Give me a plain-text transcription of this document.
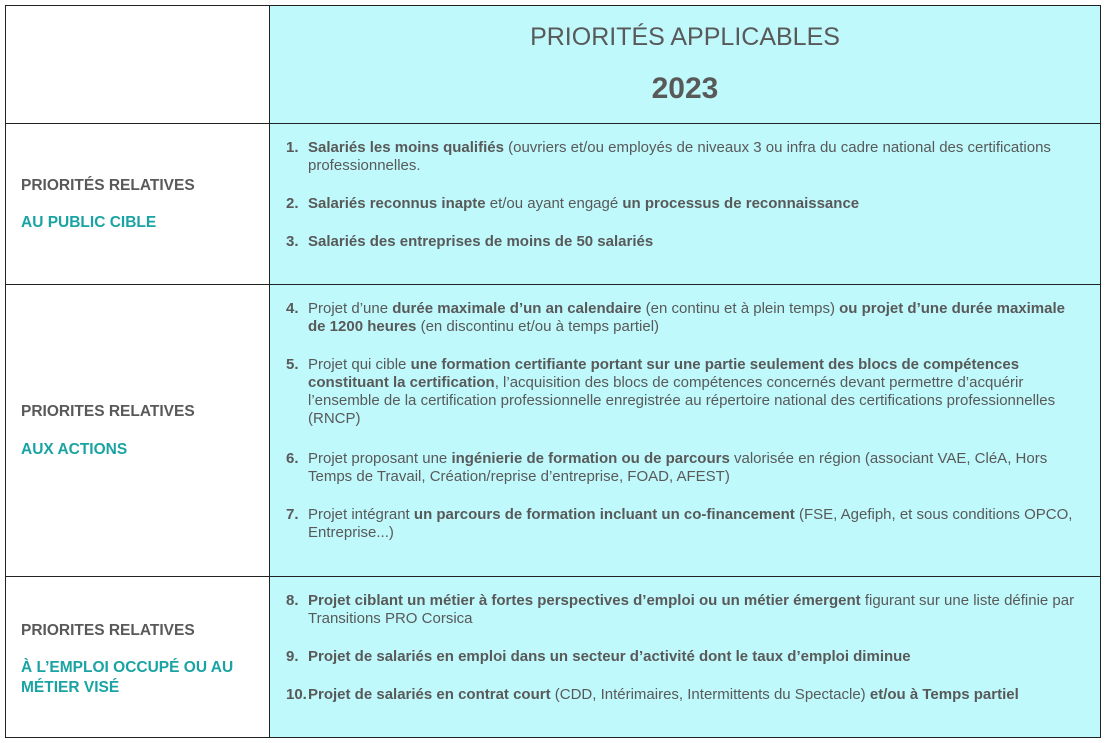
PRIORITÉS APPLICABLES
2023
PRIORITÉS RELATIVES
AU PUBLIC CIBLE
1. Salariés les moins qualifiés (ouvriers et/ou employés de niveaux 3 ou infra du cadre national des certifications professionnelles.
2. Salariés reconnus inapte et/ou ayant engagé un processus de reconnaissance
3. Salariés des entreprises de moins de 50 salariés
PRIORITES RELATIVES
AUX ACTIONS
4. Projet d’une durée maximale d’un an calendaire (en continu et à plein temps) ou projet d’une durée maximale de 1200 heures (en discontinu et/ou à temps partiel)
5. Projet qui cible une formation certifiante portant sur une partie seulement des blocs de compétences constituant la certification, l’acquisition des blocs de compétences concernés devant permettre d’acquérir l’ensemble de la certification professionnelle enregistrée au répertoire national des certifications professionnelles (RNCP)
6. Projet proposant une ingénierie de formation ou de parcours valorisée en région (associant VAE, CléA, Hors Temps de Travail, Création/reprise d’entreprise, FOAD, AFEST)
7. Projet intégrant un parcours de formation incluant un co-financement (FSE, Agefiph, et sous conditions OPCO, Entreprise...)
PRIORITES RELATIVES
À L’EMPLOI OCCUPÉ OU AU MÉTIER VISÉ
8. Projet ciblant un métier à fortes perspectives d’emploi ou un métier émergent figurant sur une liste définie par Transitions PRO Corsica
9. Projet de salariés en emploi dans un secteur d’activité dont le taux d’emploi diminue
10. Projet de salariés en contrat court (CDD, Intérimaires, Intermittents du Spectacle) et/ou à Temps partiel
